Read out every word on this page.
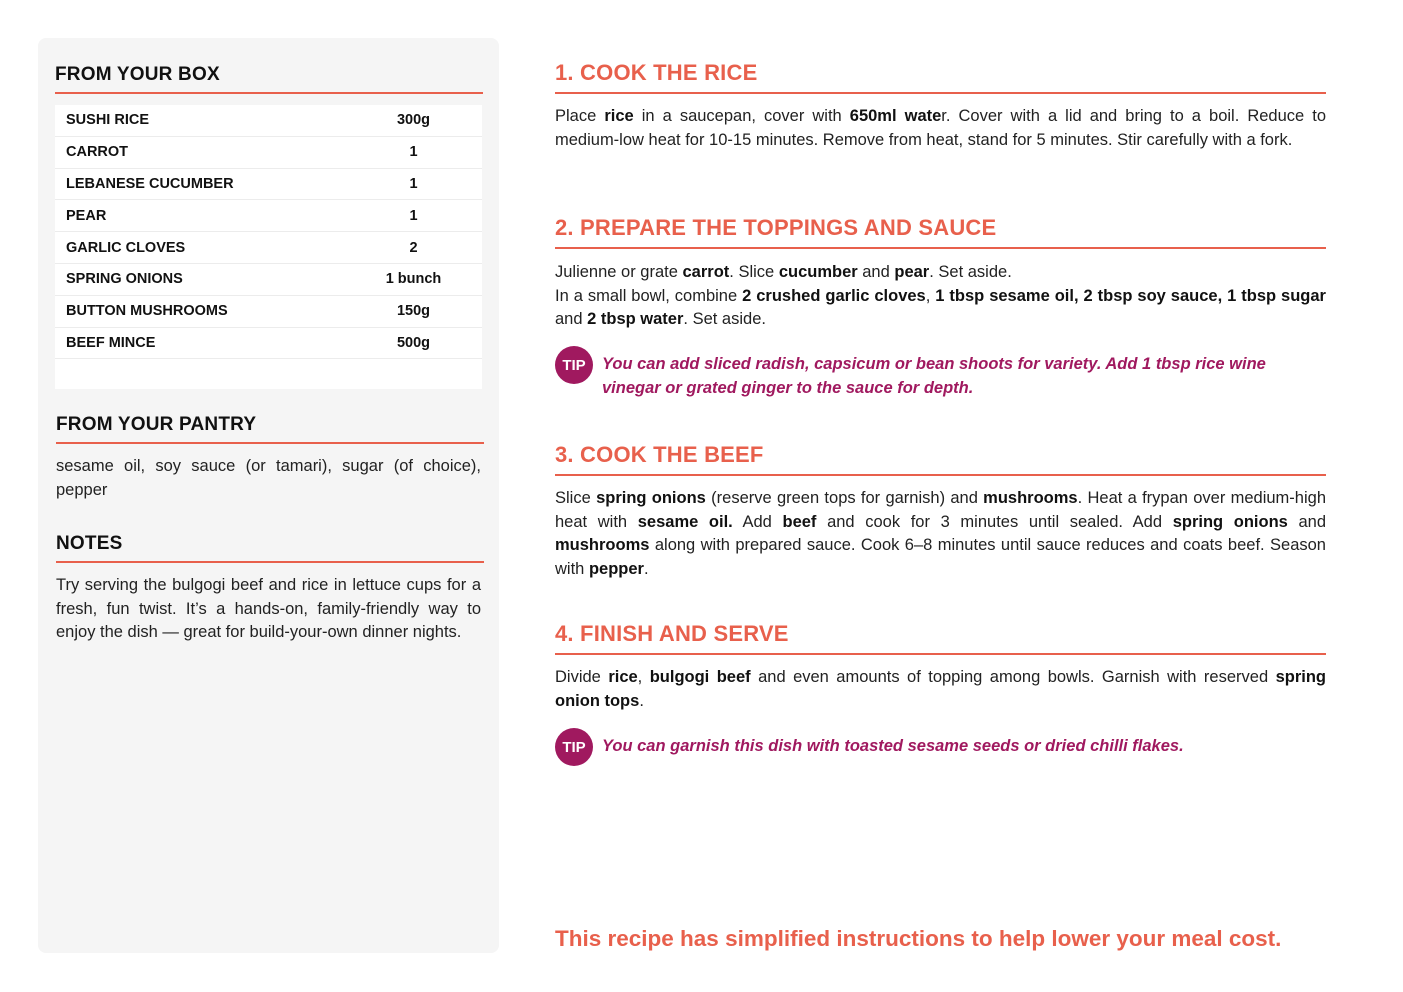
FROM YOUR BOX
SUSHI RICE	300g
CARROT	1
LEBANESE CUCUMBER	1
PEAR	1
GARLIC CLOVES	2
SPRING ONIONS	1 bunch
BUTTON MUSHROOMS	150g
BEEF MINCE	500g
FROM YOUR PANTRY
sesame oil, soy sauce (or tamari), sugar (of choice), pepper
NOTES
Try serving the bulgogi beef and rice in lettuce cups for a fresh, fun twist. It’s a hands-on, family-friendly way to enjoy the dish — great for build-your-own dinner nights.
1. COOK THE RICE

Place rice in a saucepan, cover with 650ml water. Cover with a lid and bring to a boil. Reduce to medium-low heat for 10-15 minutes. Remove from heat, stand for 5 minutes. Stir carefully with a fork.

2. PREPARE THE TOPPINGS AND SAUCE

Julienne or grate carrot. Slice cucumber and pear. Set aside.

In a small bowl, combine 2 crushed garlic cloves, 1 tbsp sesame oil, 2 tbsp soy sauce, 1 tbsp sugar and 2 tbsp water. Set aside.

TIP You can add sliced radish, capsicum or bean shoots for variety. Add 1 tbsp rice wine vinegar or grated ginger to the sauce for depth.
3. COOK THE BEEF

Slice spring onions (reserve green tops for garnish) and mushrooms. Heat a frypan over medium-high heat with sesame oil. Add beef and cook for 3 minutes until sealed. Add spring onions and mushrooms along with prepared sauce. Cook 6–8 minutes until sauce reduces and coats beef. Season with pepper.

4. FINISH AND SERVE

Divide rice, bulgogi beef and even amounts of topping among bowls. Garnish with reserved spring onion tops.

TIP You can garnish this dish with toasted sesame seeds or dried chilli flakes.
This recipe has simplified instructions to help lower your meal cost.
